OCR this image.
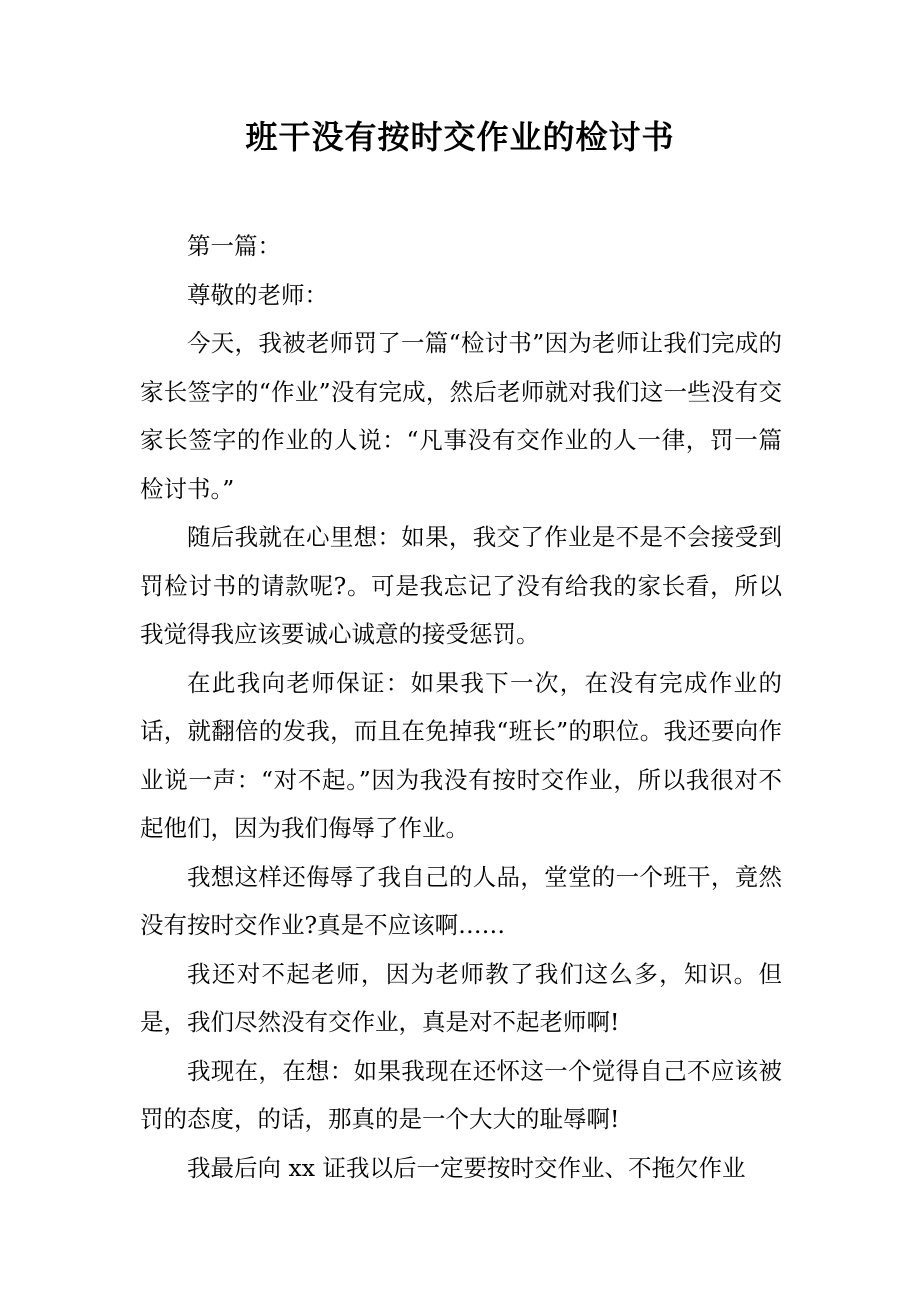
班干没有按时交作业的检讨书

第一篇：

尊敬的老师：

今天，我被老师罚了一篇“检讨书”因为老师让我们完成的家长签字的“作业”没有完成，然后老师就对我们这一些没有交家长签字的作业的人说：“凡事没有交作业的人一律，罚一篇检讨书。”

随后我就在心里想：如果，我交了作业是不是不会接受到罚检讨书的请款呢?。可是我忘记了没有给我的家长看，所以我觉得我应该要诚心诚意的接受惩罚。

在此我向老师保证：如果我下一次，在没有完成作业的话，就翻倍的发我，而且在免掉我“班长”的职位。我还要向作业说一声：“对不起。”因为我没有按时交作业，所以我很对不起他们，因为我们侮辱了作业。

我想这样还侮辱了我自己的人品，堂堂的一个班干，竟然没有按时交作业?真是不应该啊……

我还对不起老师，因为老师教了我们这么多，知识。但是，我们尽然没有交作业，真是对不起老师啊!

我现在，在想：如果我现在还怀这一个觉得自己不应该被罚的态度，的话，那真的是一个大大的耻辱啊!

我最后向 xx 证我以后一定要按时交作业、不拖欠作业
